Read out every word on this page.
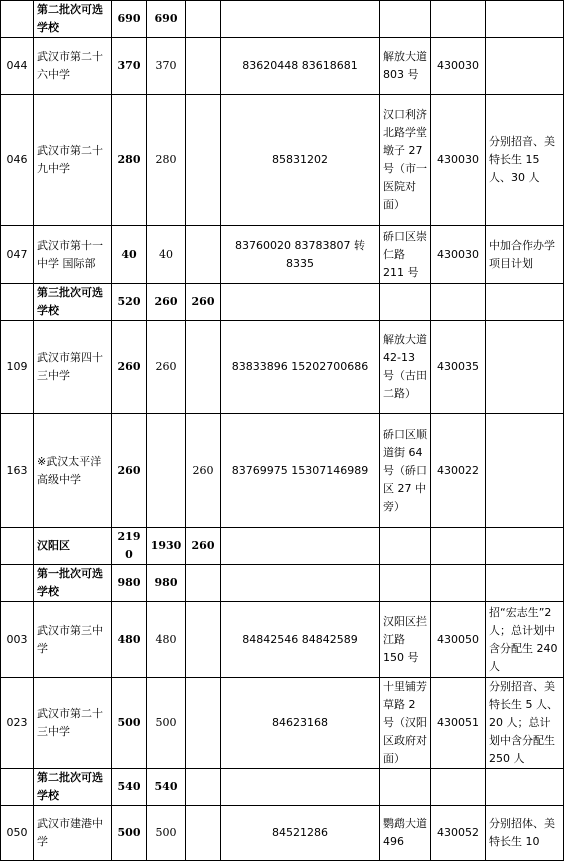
	第二批次可选学校	690	690					
044	武汉市第二十六中学	370	370		83620448 83618681	解放大道 803 号	430030	
046	武汉市第二十九中学	280	280		85831202	汉口利济北路学堂墩子 27 号（市一医院对面）	430030	分别招音、美特长生 15 人、30 人
047	武汉市第十一中学 国际部	40	40		83760020 83783807 转 8335	硚口区崇仁路 211 号	430030	中加合作办学项目计划
	第三批次可选学校	520	260	260				
109	武汉市第四十三中学	260	260		83833896 15202700686	解放大道 42-13 号（古田二路）	430035	
163	※武汉太平洋高级中学	260		260	83769975 15307146989	硚口区顺道街 64 号（硚口区 27 中旁）	430022	
	汉阳区	2190	1930	260				
	第一批次可选学校	980	980					
003	武汉市第三中学	480	480		84842546 84842589	汉阳区拦江路 150 号	430050	招“宏志生”2 人；总计划中含分配生 240 人
023	武汉市第二十三中学	500	500		84623168	十里铺芳草路 2 号（汉阳区政府对面）	430051	分别招音、美特长生 5 人、20 人；总计划中含分配生 250 人
	第二批次可选学校	540	540					
050	武汉市建港中学	500	500		84521286	鹦鹉大道 496	430052	分别招体、美特长生 10
